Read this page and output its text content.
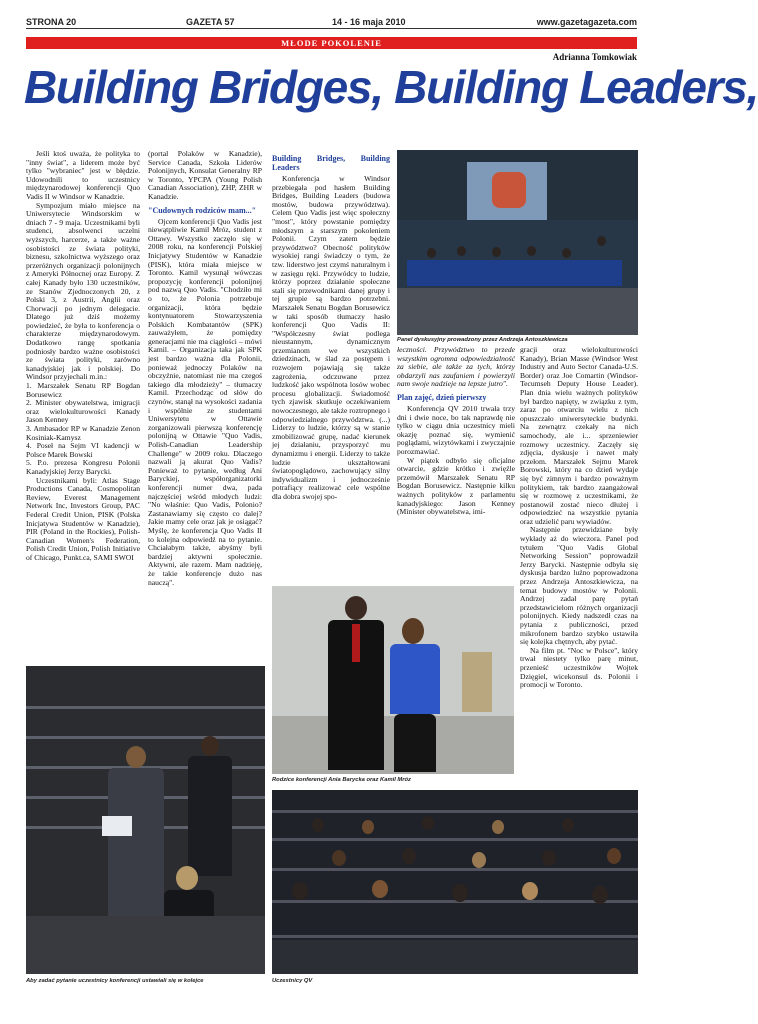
STRONA 20	GAZETA 57	14 - 16 maja 2010	www.gazetagazeta.com
MŁODE POKOLENIE
Adrianna Tomkowiak
Building Bridges, Building Leaders,

Jeśli ktoś uważa, że polityka to "inny świat", a liderem może być tylko "wybraniec" jest w błędzie. Udowodnili to uczestnicy międzynarodowej konferencji Quo Vadis II w Windsor w Kanadzie.

Sympozjum miało miejsce na Uniwersytecie Windsorskim w dniach 7 - 9 maja. Uczestnikami byli studenci, absolwenci uczelni wyższych, harcerze, a także ważne osobistości ze świata polityki, biznesu, szkolnictwa wyższego oraz przeróżnych organizacji polonijnych z Ameryki Północnej oraz Europy. Z całej Kanady było 130 uczestników, ze Stanów Zjednoczonych 20, z Polski 3, z Austrii, Anglii oraz Chorwacji po jednym delegacie. Dlatego już dziś możemy powiedzieć, że była to konferencja o charakterze międzynarodowym. Dodatkowo rangę spotkania podniosły bardzo ważne osobistości ze świata polityki, zarówno kanadyjskiej jak i polskiej. Do Windsor przyjechali m.in.:

1. Marszałek Senatu RP Bogdan Borusewicz

2. Minister obywatelstwa, imigracji oraz wielokulturowości Kanady Jason Kenney

3. Ambasador RP w Kanadzie Zenon Kosiniak-Kamysz

4. Poseł na Sejm VI kadencji w Polsce Marek Bowski

5. P.o. prezesa Kongresu Polonii Kanadyjskiej Jerzy Barycki.

Uczestnikami byli: Atlas Stage Productions Canada, Cosmopolitan Review, Everest Management Network Inc, Investors Group, PAC Federal Credit Union, PISK (Polska Inicjatywa Studentów w Kanadzie), PIR (Poland in the Rockies), Polish-Canadian Women's Federation, Polish Credit Union, Polish Initiative of Chicago, Punkt.ca, SAMI SWOI

(portal Polaków w Kanadzie), Service Canada, Szkoła Liderów Polonijnych, Konsulat Generalny RP w Toronto, YPCPA (Young Polish Canadian Association), ZHP, ZHR w Kanadzie.

"Cudownych rodziców mam..."

Ojcem konferencji Quo Vadis jest niewątpliwie Kamil Mróz, student z Ottawy. Wszystko zaczęło się w 2008 roku, na konferencji Polskiej Inicjatywy Studentów w Kanadzie (PISK), która miała miejsce w Toronto. Kamil wysunął wówczas propozycję konferencji polonijnej pod nazwą Quo Vadis. "Chodziło mi o to, że Polonia potrzebuje organizacji, która będzie kontynuatorem Stowarzyszenia Polskich Kombatantów (SPK) zauważyłem, że pomiędzy generacjami nie ma ciągłości – mówi Kamil. – Organizacja taka jak SPK jest bardzo ważna dla Polonii, ponieważ jednoczy Polaków na obczyźnie, natomiast nie ma czegoś takiego dla młodzieży" – tłumaczy Kamil. Przechodząc od słów do czynów, stanął na wysokości zadania i wspólnie ze studentami Uniwersytetu w Ottawie zorganizowali pierwszą konferencję polonijną w Ottawie "Quo Vadis, Polish-Canadian Leadership Challenge" w 2009 roku. Dlaczego nazwali ją akurat Quo Vadis? Ponieważ to pytanie, według Ani Baryckiej, współorganizatorki konferencji numer dwa, pada najczęściej wśród młodych ludzi: "No właśnie: Quo Vadis, Polonio? Zastanawiamy się często co dalej? Jakie mamy cele oraz jak je osiągać? Myślę, że konferencja Quo Vadis II to kolejna odpowiedź na to pytanie. Chciałabym także, abyśmy byli bardziej aktywni społecznie. Aktywni, ale razem. Mam nadzieję, że takie konferencje dużo nas nauczą".

Building Bridges, Building Leaders

Konferencja w Windsor przebiegała pod hasłem Building Bridges, Building Leaders (budowa mostów, budowa przywództwa). Celem Quo Vadis jest więc społeczny "most", który powstanie pomiędzy młodszym a starszym pokoleniem Polonii. Czym zatem będzie przywództwo? Obecność polityków wysokiej rangi świadczy o tym, że tzw. liderstwo jest czymś naturalnym i w zasięgu ręki. Przywódcy to ludzie, którzy poprzez działanie społeczne stali się przewodnikami danej grupy i tej grupie są bardzo potrzebni. Marszałek Senatu Bogdan Borusewicz w taki sposób tłumaczy hasło konferencji Quo Vadis II: "Współczesny świat podlega nieustannym, dynamicznym przemianom we wszystkich dziedzinach, w ślad za postępem i rozwojem pojawiają się także zagrożenia, odczuwane przez ludzkość jako wspólnota losów wobec procesu globalizacji. Świadomość tych zjawisk skutkuje oczekiwaniem nowoczesnego, ale także roztropnego i odpowiedzialnego przywództwa. (...) Liderzy to ludzie, którzy są w stanie zmobilizować grupę, nadać kierunek jej działaniu, przysporzyć mu dynamizmu i energii. Liderzy to także ludzie ukształtowani światopoglądowo, zachowujący silny indywidualizm i jednocześnie potrafiący realizować cele wspólne dla dobra swojej spo-

Panel dyskusyjny prowadzony przez Andrzeja Antoszkiewicza

łeczności. Przywództwo to przede wszystkim ogromna odpowiedzialność za siebie, ale także za tych, którzy obdarzyli nas zaufaniem i powierzyli nam swoje nadzieje na lepsze jutro".

Plan zajęć, dzień pierwszy

Konferencja QV 2010 trwała trzy dni i dwie noce, bo tak naprawdę nie tylko w ciągu dnia uczestnicy mieli okazję poznać się, wymienić poglądami, wizytówkami i zwyczajnie porozmawiać.

W piątek odbyło się oficjalne otwarcie, gdzie krótko i zwięźle przemówił Marszałek Senatu RP Bogdan Borusewicz. Następnie kilku ważnych polityków z parlamentu kanadyjskiego: Jason Kenney (Minister obywatelstwa, imi-

gracji oraz wielokulturowości Kanady), Brian Masse (Windsor West Industry and Auto Sector Canada-U.S. Border) oraz Joe Comartin (Windsor-Tecumseh Deputy House Leader). Plan dnia wielu ważnych polityków był bardzo napięty, w związku z tym, zaraz po otwarciu wielu z nich opuszczało uniwersyteckie budynki. Na zewnątrz czekały na nich samochody, ale i... sprzeniewier rozmowy uczestnicy. Zaczęły się zdjęcia, dyskusje i nawet mały przełom. Marszałek Sejmu Marek Borowski, który na co dzień wydaje się być zimnym i bardzo poważnym politykiem, tak bardzo zaangażował się w rozmowę z uczestnikami, że postanowił zostać nieco dłużej i odpowiedzieć na wszystkie pytania oraz udzielić paru wywiadów.

Następnie przewidziane były wykłady aż do wieczora. Panel pod tytułem "Quo Vadis Global Networking Session" poprowadził Jerzy Barycki. Następnie odbyła się dyskusja bardzo luźno poprowadzona przez Andrzeja Antoszkiewicza, na temat budowy mostów w Polonii. Andrzej zadał parę pytań przedstawicielom różnych organizacji polonijnych. Kiedy nadszedł czas na pytania z publiczności, przed mikrofonem bardzo szybko ustawiła się kolejka chętnych, aby pytać.

Na film pt. "Noc w Polsce", który trwał niestety tylko parę minut, przenieść uczestników Wojtek Dzięgiel, wicekonsul ds. Polonii i promocji w Toronto.

Rodzice konferencji Ania Barycka oraz Kamil Mróz
Aby zadać pytanie uczestnicy konferencji ustawiali się w kolejce	Uczestnicy QV
